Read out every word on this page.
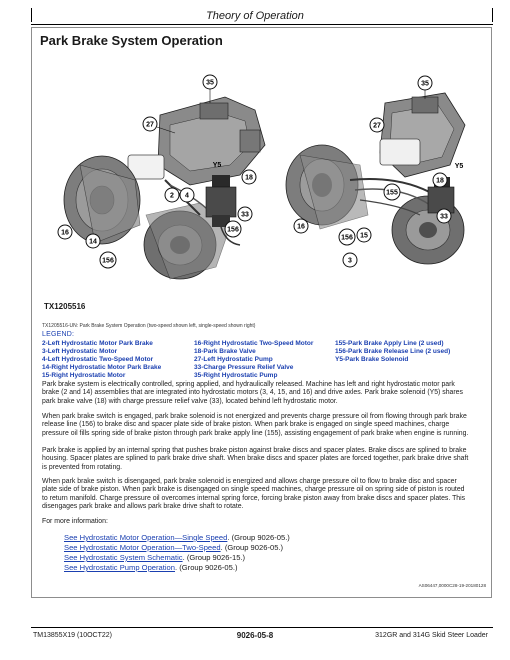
Theory of Operation
Park Brake System Operation
35
27
Y5
18
33
156
16
14
156
2 4
35
27
Y5
18
155
33
16
156
3
15
TX1205516
TX1205516-UN: Park Brake System Operation (two-speed shown left, single-speed shown right)
LEGEND:
2-Left Hydrostatic Motor Park Brake	16-Right Hydrostatic Two-Speed Motor	155-Park Brake Apply Line (2 used)
3-Left Hydrostatic Motor	18-Park Brake Valve	156-Park Brake Release Line (2 used)
4-Left Hydrostatic Two-Speed Motor	27-Left Hydrostatic Pump	Y5-Park Brake Solenoid
14-Right Hydrostatic Motor Park Brake	33-Charge Pressure Relief Valve
15-Right Hydrostatic Motor	35-Right Hydrostatic Pump

Park brake system is electrically controlled, spring applied, and hydraulically released. Machine has left and right hydrostatic motor park brake (2 and 14) assemblies that are integrated into hydrostatic motors (3, 4, 15, and 16) and drive axles. Park brake solenoid (Y5) shares park brake valve (18) with charge pressure relief valve (33), located behind left hydrostatic motor.

When park brake switch is engaged, park brake solenoid is not energized and prevents charge pressure oil from flowing through park brake release line (156) to brake disc and spacer plate side of brake piston. When park brake is engaged on single speed machines, charge pressure oil fills spring side of brake piston through park brake apply line (155), assisting engagement of park brake when engine is running.

Park brake is applied by an internal spring that pushes brake piston against brake discs and spacer plates. Brake discs are splined to brake housing. Spacer plates are splined to park brake drive shaft. When brake discs and spacer plates are forced together, park brake drive shaft is prevented from rotating.

When park brake switch is disengaged, park brake solenoid is energized and allows charge pressure oil to flow to brake disc and spacer plate side of brake piston. When park brake is disengaged on single speed machines, charge pressure oil on spring side of piston is routed to return manifold. Charge pressure oil overcomes internal spring force, forcing brake piston away from brake discs and spacer plates. This disengages park brake and allows park brake drive shaft to rotate.

For more information:
See Hydrostatic Motor Operation—Single Speed. (Group 9026-05.)
See Hydrostatic Motor Operation—Two-Speed. (Group 9026-05.)
See Hydrostatic System Schematic. (Group 9026-15.)
See Hydrostatic Pump Operation. (Group 9026-05.)
AS06447,0000C28-19-20180128
TM13855X19 (10OCT22)	9026-05-8	312GR and 314G Skid Steer Loader
